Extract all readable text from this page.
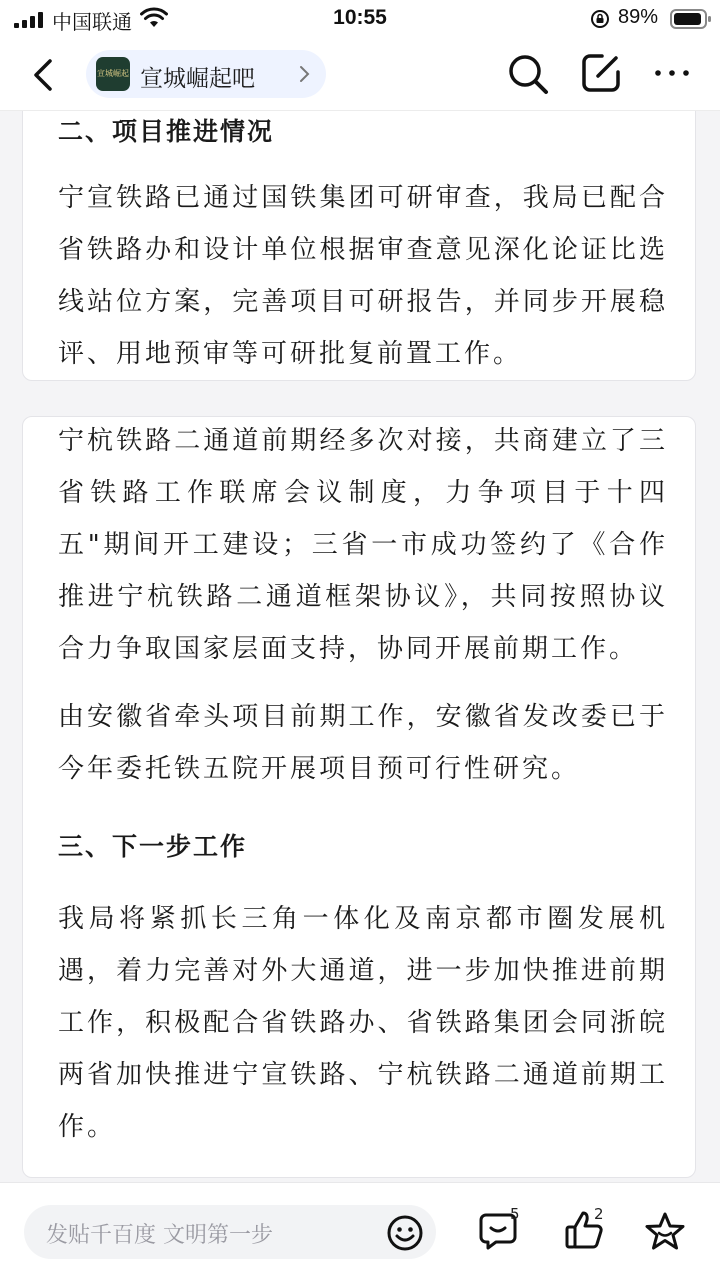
中国联通	10:55	89%
宣城崛起 宣城崛起吧

二、项目推进情况

宁宣铁路已通过国铁集团可研审查，我局已配合省铁路办和设计单位根据审查意见深化论证比选线站位方案，完善项目可研报告，并同步开展稳评、用地预审等可研批复前置工作。

宁杭铁路二通道前期经多次对接，共商建立了三省铁路工作联席会议制度，力争项目于十四五"期间开工建设；三省一市成功签约了《合作推进宁杭铁路二通道框架协议》，共同按照协议合力争取国家层面支持，协同开展前期工作。

由安徽省牵头项目前期工作，安徽省发改委已于今年委托铁五院开展项目预可行性研究。

三、下一步工作

我局将紧抓长三角一体化及南京都市圈发展机遇，着力完善对外大通道，进一步加快推进前期工作，积极配合省铁路办、省铁路集团会同浙皖两省加快推进宁宣铁路、宁杭铁路二通道前期工作。

发贴千百度 文明第一步
5	2
